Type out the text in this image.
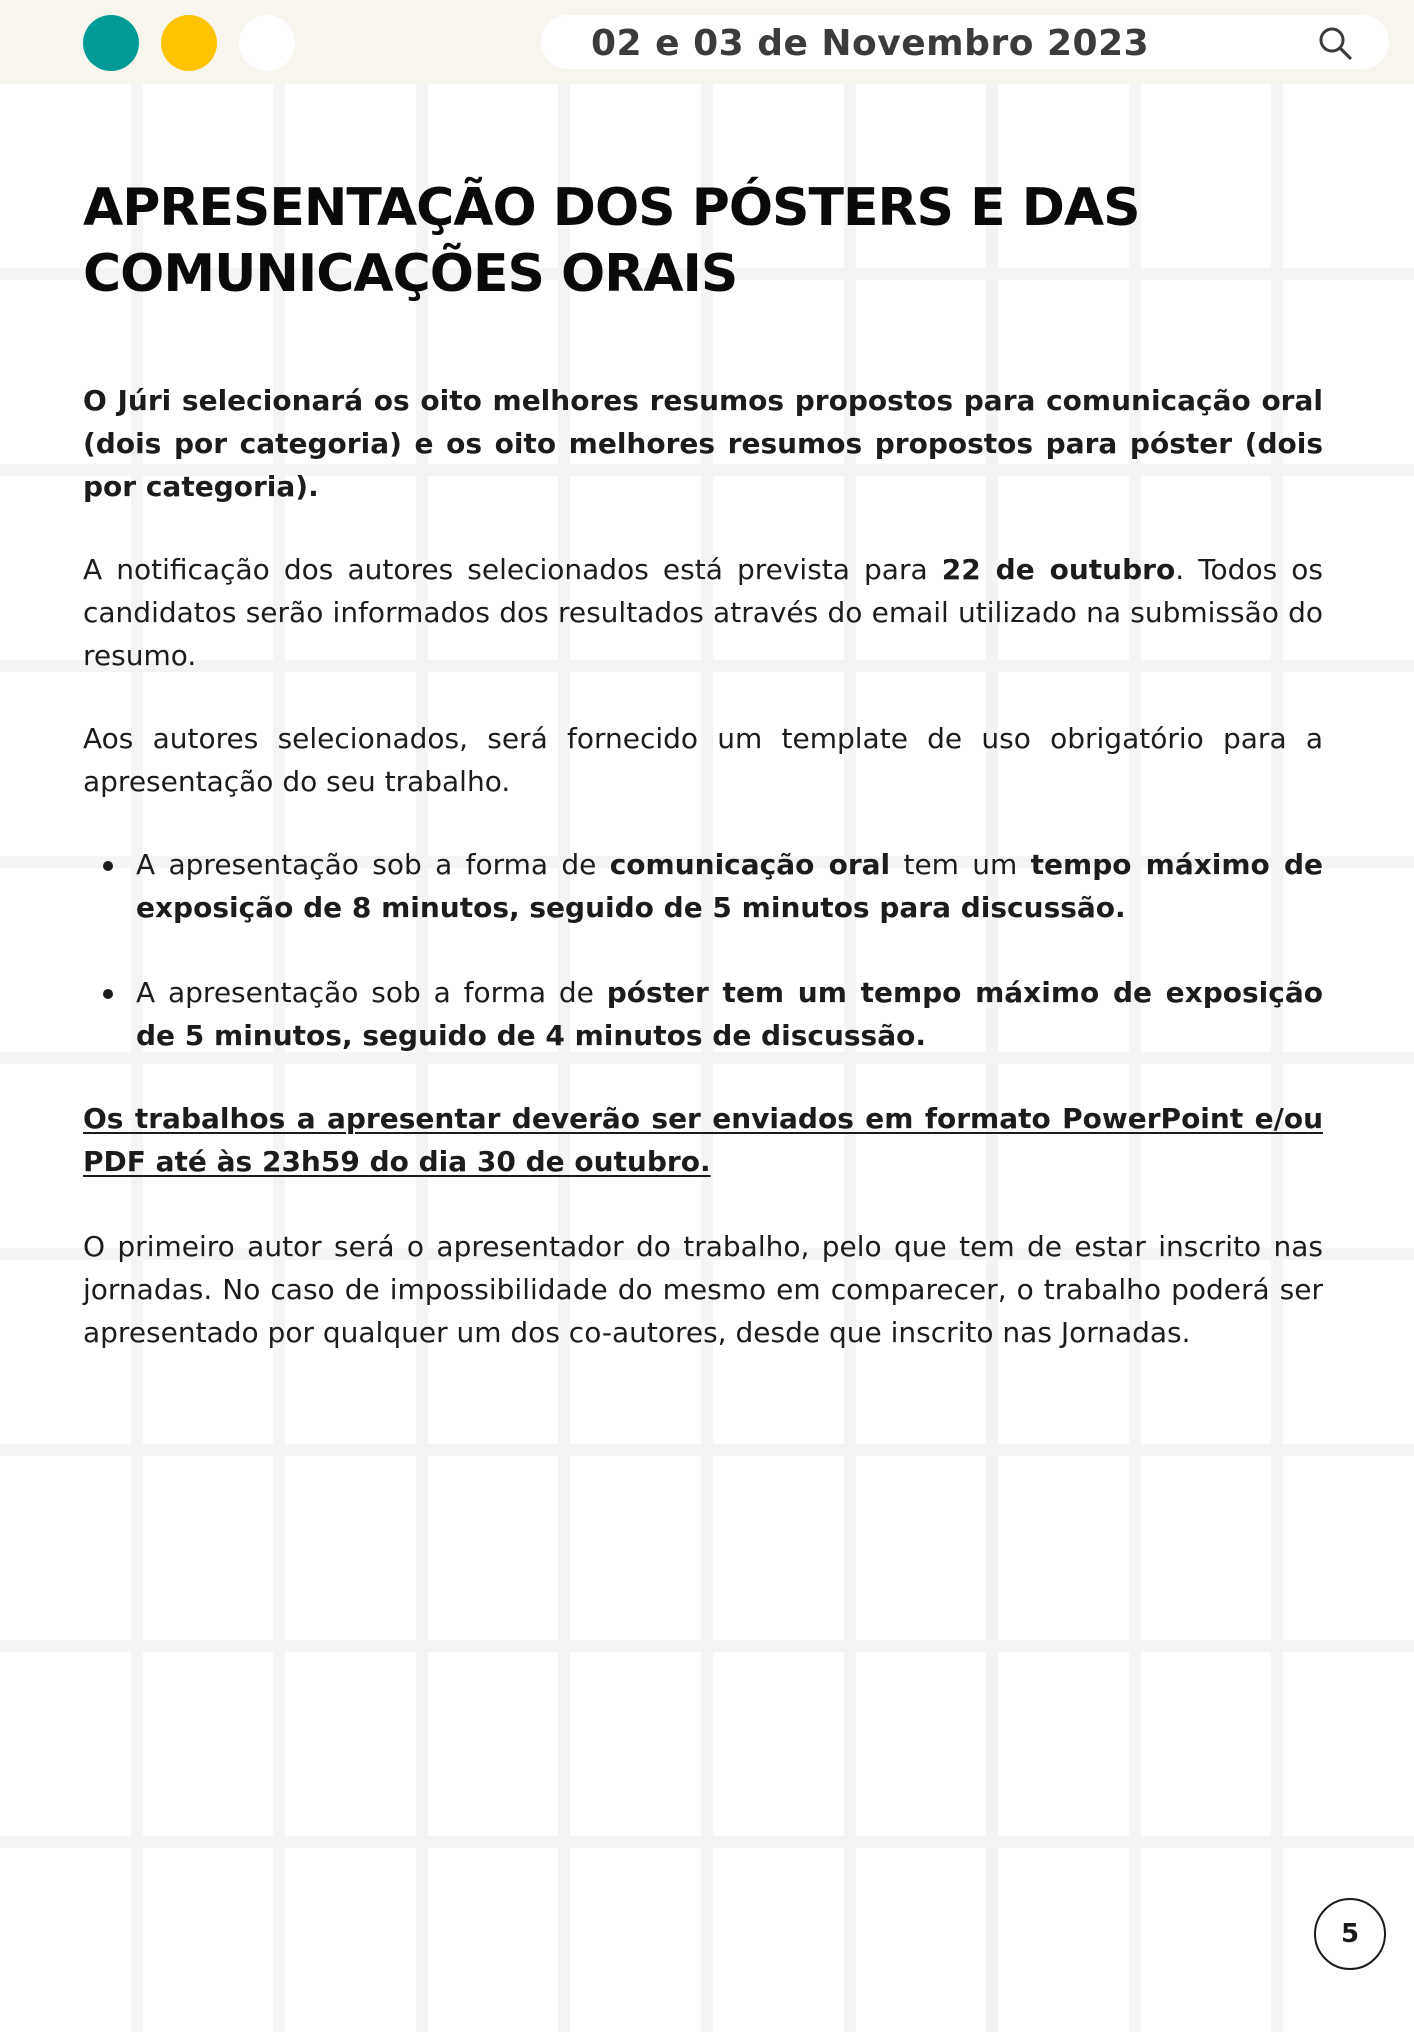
02 e 03 de Novembro 2023
APRESENTAÇÃO DOS PÓSTERS E DAS
COMUNICAÇÕES ORAIS

O Júri selecionará os oito melhores resumos propostos para comunicação oral (dois por categoria) e os oito melhores resumos propostos para póster (dois por categoria).

A notificação dos autores selecionados está prevista para 22 de outubro. Todos os candidatos serão informados dos resultados através do email utilizado na submissão do resumo.

Aos autores selecionados, será fornecido um template de uso obrigatório para a apresentação do seu trabalho.

A apresentação sob a forma de comunicação oral tem um tempo máximo de exposição de 8 minutos, seguido de 5 minutos para discussão.
A apresentação sob a forma de póster tem um tempo máximo de exposição de 5 minutos, seguido de 4 minutos de discussão.

Os trabalhos a apresentar deverão ser enviados em formato PowerPoint e/ou PDF até às 23h59 do dia 30 de outubro.

O primeiro autor será o apresentador do trabalho, pelo que tem de estar inscrito nas jornadas. No caso de impossibilidade do mesmo em comparecer, o trabalho poderá ser apresentado por qualquer um dos co-autores, desde que inscrito nas Jornadas.

5
